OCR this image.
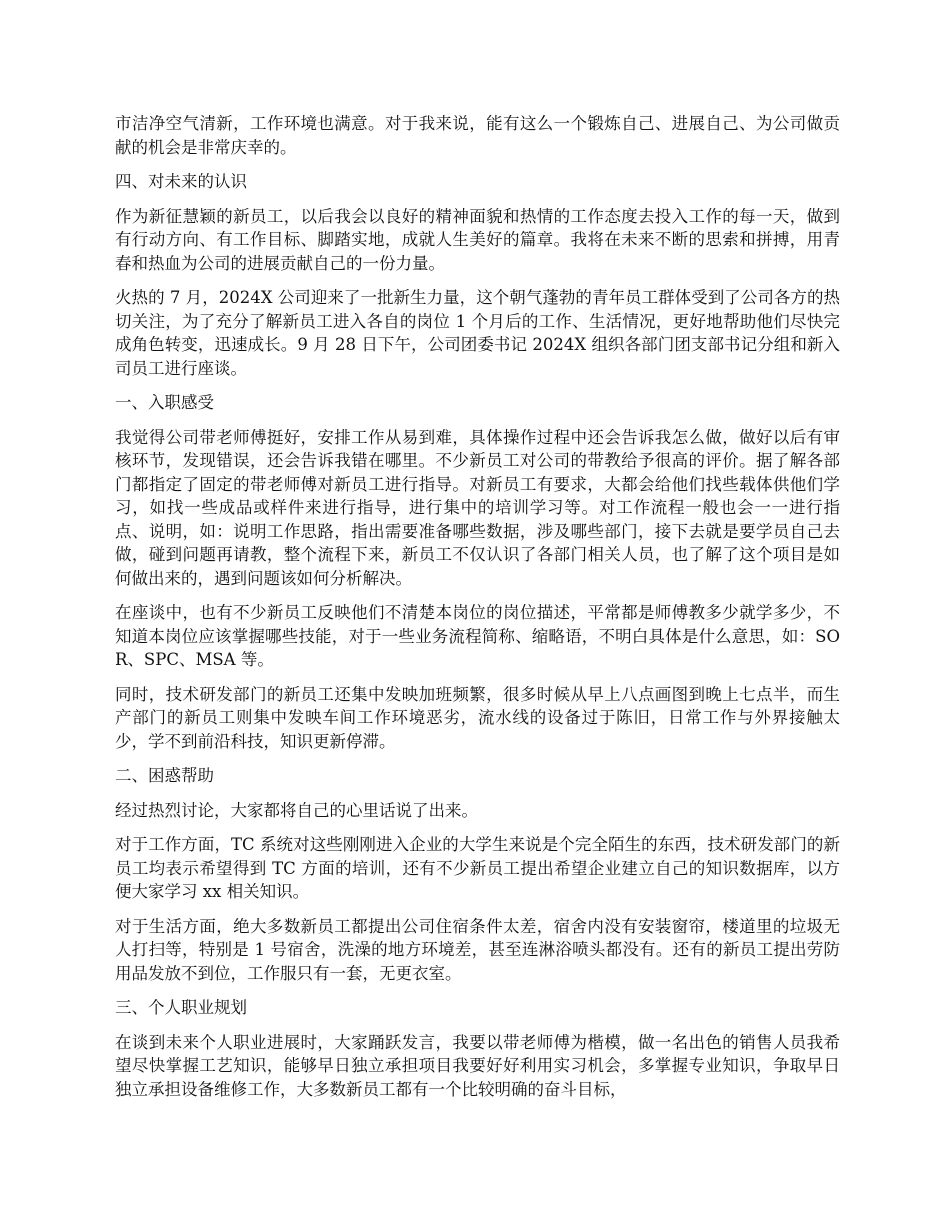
市洁净空气清新，工作环境也满意。对于我来说，能有这么一个锻炼自己、进展自己、为公司做贡献的机会是非常庆幸的。

四、对未来的认识

作为新征慧颖的新员工，以后我会以良好的精神面貌和热情的工作态度去投入工作的每一天，做到有行动方向、有工作目标、脚踏实地，成就人生美好的篇章。我将在未来不断的思索和拼搏，用青春和热血为公司的进展贡献自己的一份力量。

火热的 7 月，2024X 公司迎来了一批新生力量，这个朝气蓬勃的青年员工群体受到了公司各方的热切关注，为了充分了解新员工进入各自的岗位 1 个月后的工作、生活情况，更好地帮助他们尽快完成角色转变，迅速成长。9 月 28 日下午，公司团委书记 2024X 组织各部门团支部书记分组和新入司员工进行座谈。

一、入职感受

我觉得公司带老师傅挺好，安排工作从易到难，具体操作过程中还会告诉我怎么做，做好以后有审核环节，发现错误，还会告诉我错在哪里。不少新员工对公司的带教给予很高的评价。据了解各部门都指定了固定的带老师傅对新员工进行指导。对新员工有要求，大都会给他们找些载体供他们学习，如找一些成品或样件来进行指导，进行集中的培训学习等。对工作流程一般也会一一进行指点、说明，如：说明工作思路，指出需要准备哪些数据，涉及哪些部门，接下去就是要学员自己去做，碰到问题再请教，整个流程下来，新员工不仅认识了各部门相关人员，也了解了这个项目是如何做出来的，遇到问题该如何分析解决。

在座谈中，也有不少新员工反映他们不清楚本岗位的岗位描述，平常都是师傅教多少就学多少，不知道本岗位应该掌握哪些技能，对于一些业务流程简称、缩略语，不明白具体是什么意思，如：SOR、SPC、MSA 等。

同时，技术研发部门的新员工还集中发映加班频繁，很多时候从早上八点画图到晚上七点半，而生产部门的新员工则集中发映车间工作环境恶劣，流水线的设备过于陈旧，日常工作与外界接触太少，学不到前沿科技，知识更新停滞。

二、困惑帮助

经过热烈讨论，大家都将自己的心里话说了出来。

对于工作方面，TC 系统对这些刚刚进入企业的大学生来说是个完全陌生的东西，技术研发部门的新员工均表示希望得到 TC 方面的培训，还有不少新员工提出希望企业建立自己的知识数据库，以方便大家学习 xx 相关知识。

对于生活方面，绝大多数新员工都提出公司住宿条件太差，宿舍内没有安装窗帘，楼道里的垃圾无人打扫等，特别是 1 号宿舍，洗澡的地方环境差，甚至连淋浴喷头都没有。还有的新员工提出劳防用品发放不到位，工作服只有一套，无更衣室。

三、个人职业规划

在谈到未来个人职业进展时，大家踊跃发言，我要以带老师傅为楷模，做一名出色的销售人员我希望尽快掌握工艺知识，能够早日独立承担项目我要好好利用实习机会，多掌握专业知识，争取早日独立承担设备维修工作，大多数新员工都有一个比较明确的奋斗目标，
